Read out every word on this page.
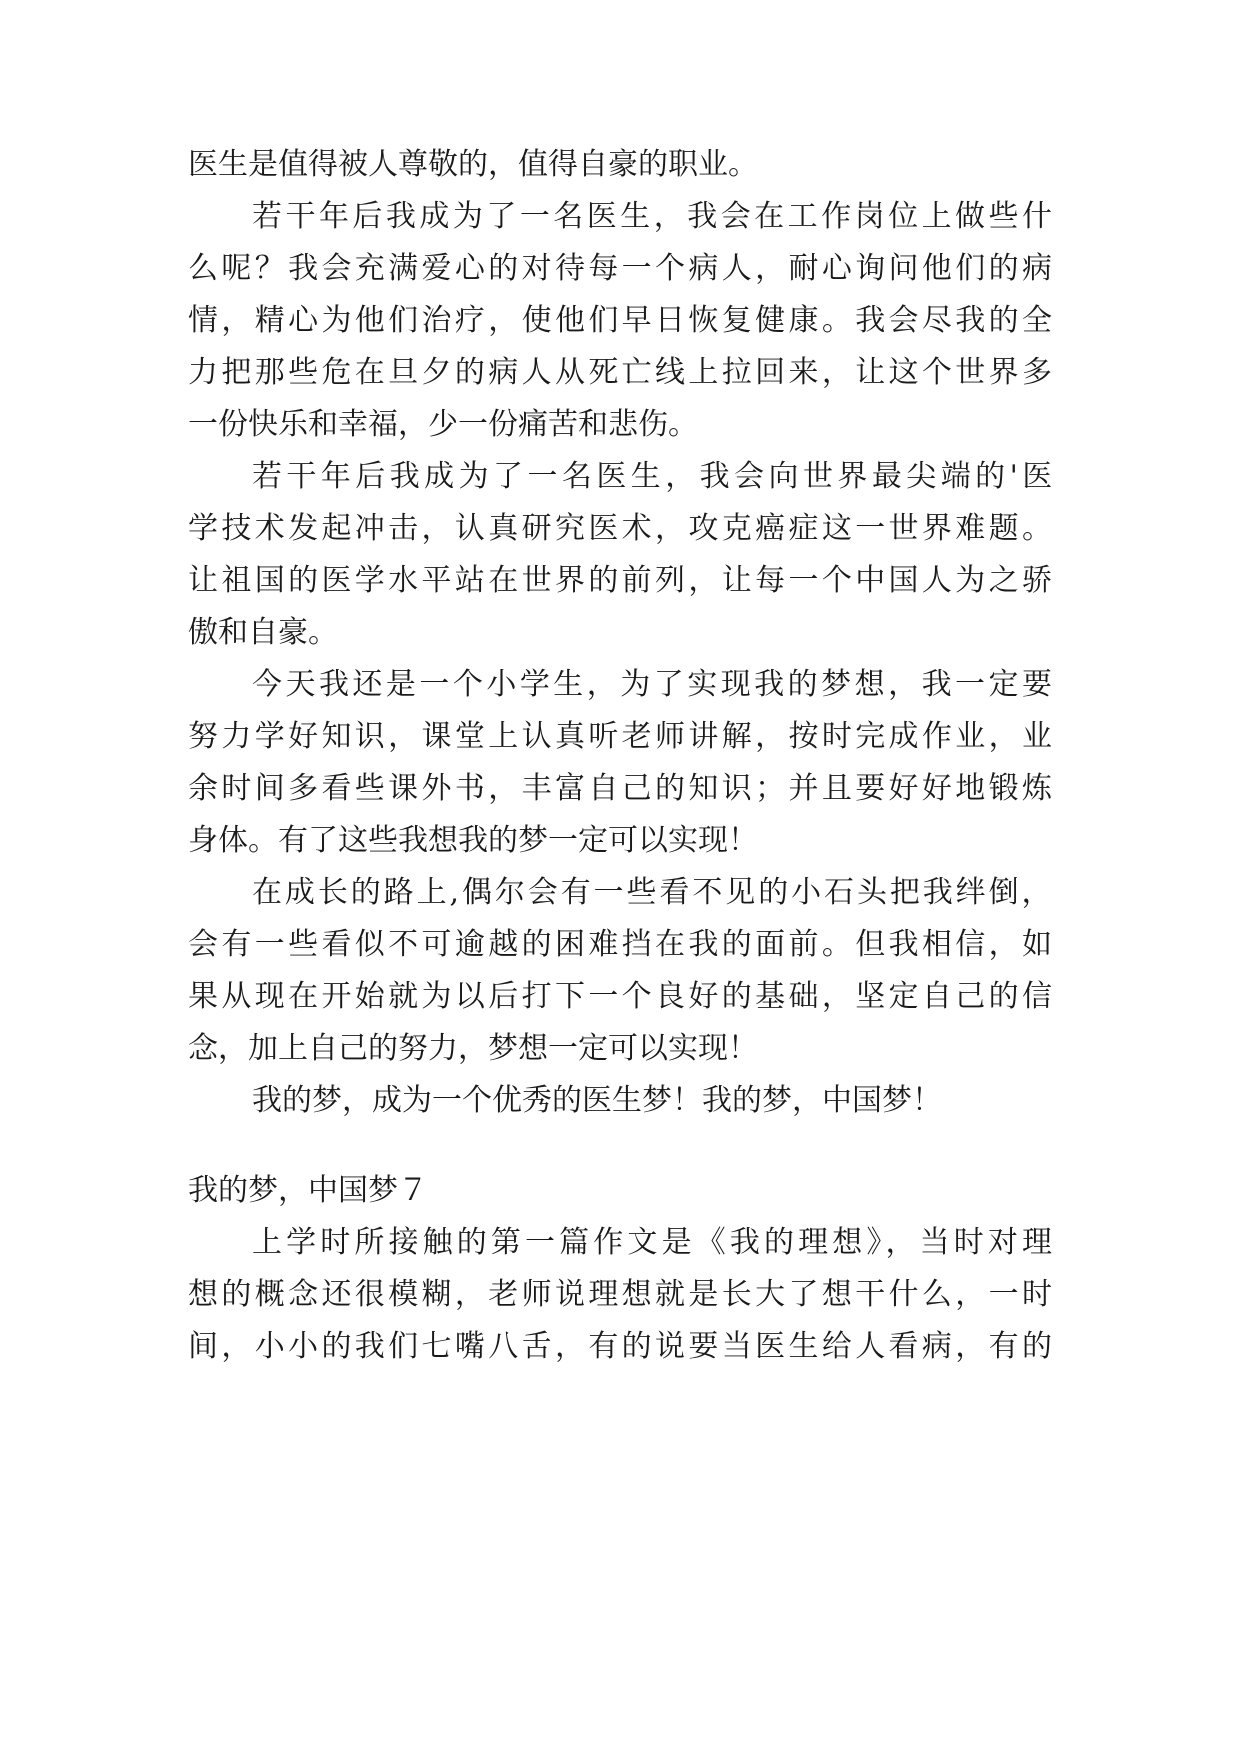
医生是值得被人尊敬的，值得自豪的职业。
若干年后我成为了一名医生，我会在工作岗位上做些什
么呢？我会充满爱心的对待每一个病人，耐心询问他们的病
情，精心为他们治疗，使他们早日恢复健康。我会尽我的全
力把那些危在旦夕的病人从死亡线上拉回来，让这个世界多
一份快乐和幸福，少一份痛苦和悲伤。
若干年后我成为了一名医生，我会向世界最尖端的'医
学技术发起冲击，认真研究医术，攻克癌症这一世界难题。
让祖国的医学水平站在世界的前列，让每一个中国人为之骄
傲和自豪。
今天我还是一个小学生，为了实现我的梦想，我一定要
努力学好知识，课堂上认真听老师讲解，按时完成作业，业
余时间多看些课外书，丰富自己的知识；并且要好好地锻炼
身体。有了这些我想我的梦一定可以实现！
在成长的路上,偶尔会有一些看不见的小石头把我绊倒，
会有一些看似不可逾越的困难挡在我的面前。但我相信，如
果从现在开始就为以后打下一个良好的基础，坚定自己的信
念，加上自己的努力，梦想一定可以实现！
我的梦，成为一个优秀的医生梦！我的梦，中国梦！
我的梦，中国梦７
上学时所接触的第一篇作文是《我的理想》，当时对理
想的概念还很模糊，老师说理想就是长大了想干什么，一时
间，小小的我们七嘴八舌，有的说要当医生给人看病，有的
